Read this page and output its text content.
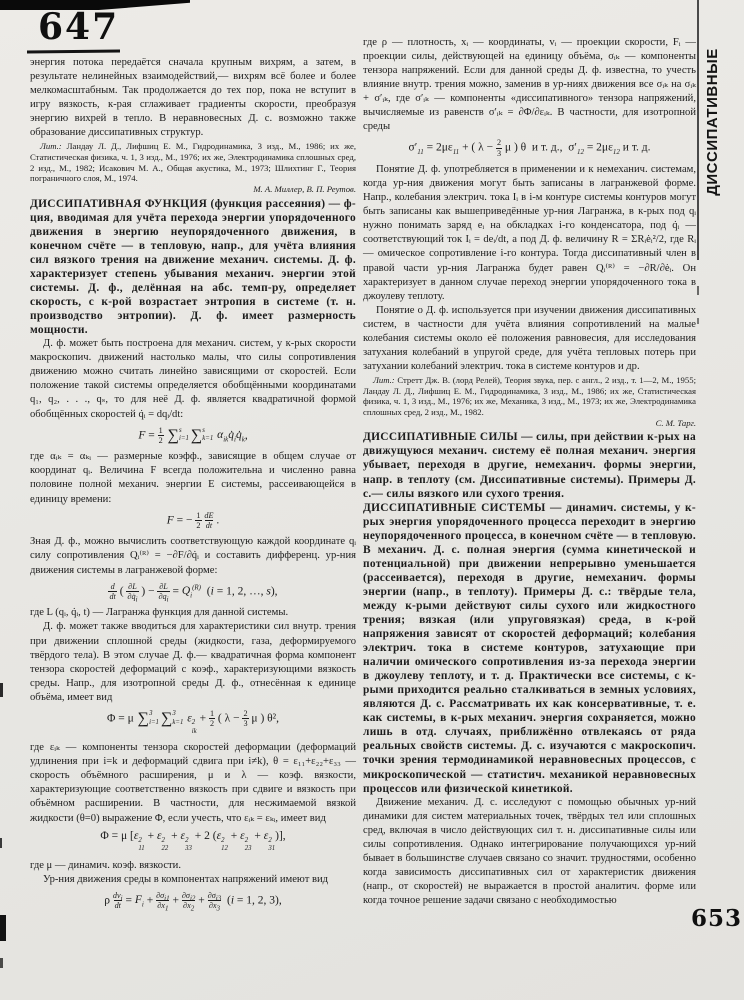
647
энергия потока передаётся сначала крупным вихрям, а затем, в результате нелинейных взаимодействий,— вихрям всё более и более мелкомасштабным. Так продолжается до тех пор, пока не вступит в игру вязкость, к-рая сглаживает градиенты скорости, преобразуя энергию вихрей в тепло. В неравновесных Д. с. возможно также образование диссипативных структур.
Лит.: Ландау Л. Д., Лифшиц Е. М., Гидродинамика, 3 изд., М., 1986; их же, Статистическая физика, ч. 1, 3 изд., М., 1976; их же, Электродинамика сплошных сред, 2 изд., М., 1982; Исакович М. А., Общая акустика, М., 1973; Шлихтинг Г., Теория пограничного слоя, М., 1974.
М. А. Миллер, В. П. Реутов.
ДИССИПАТИВНАЯ ФУНКЦИЯ (функция рассеяния) — ф-ция, вводимая для учёта перехода энергии упорядоченного движения в энергию неупорядоченного движения, в конечном счёте — в тепловую, напр., для учёта влияния сил вязкого трения на движение механич. системы. Д. ф. характеризует степень убывания механич. энергии этой системы. Д. ф., делённая на абс. темп-ру, определяет скорость, с к-рой возрастает энтропия в системе (т. н. производство энтропии). Д. ф. имеет размерность мощности.
Д. ф. может быть построена для механич. систем, у к-рых скорости макроскопич. движений настолько малы, что силы сопротивления движению можно считать линейно зависящими от скоростей. Если положение такой системы определяется обобщёнными координатами q₁, q₂, . . ., qₛ, то для неё Д. ф. является квадратичной формой обобщённых скоростей q̇ᵢ = dqᵢ/dt:
$F = \frac{1}{2}$ ∑ s
i=1 ∑ s
k=1 $\alpha_{ik}q̇_iq̇_k$,
где αᵢₖ = αₖᵢ — размерные коэфф., зависящие в общем случае от координат qᵢ. Величина F всегда положительна и численно равна половине полной механич. энергии E системы, рассеивающейся в единицу времени:
F = − $\frac{1}{2}$
$\frac{dE}{dt}$ .
Зная Д. ф., можно вычислить соответствующую каждой координате qᵢ силу сопротивления Qᵢ⁽ᴿ⁾ = −∂F/∂q̇ᵢ и составить дифференц. ур-ния движения системы в лагранжевой форме:
$\frac{d}{dt}$ ( $\frac{\partial L}{\partial q̇_i}$ ) − $\frac{\partial L}{\partial q_i} = Q_i^{(R)}$  (i = 1, 2, …, s),
где L (qᵢ, q̇ᵢ, t) — Лагранжа функция для данной системы.
Д. ф. может также вводиться для характеристики сил внутр. трения при движении сплошной среды (жидкости, газа, деформируемого твёрдого тела). В этом случае Д. ф.— квадратичная форма компонент тензора скоростей деформаций с коэф., характеризующими вязкость среды. Напр., для изотропной среды Д. ф., отнесённая к единице объёма, имеет вид
Φ = μ ∑ 3
i=1 ∑ 3
k=1 ε 2
ik
+ $\frac{1}{2}$ ( $\lambda - \frac{2}{3}$ μ ) θ²,
где εᵢₖ — компоненты тензора скоростей деформации (деформаций удлинения при i=k и деформаций сдвига при i≠k), θ = ε₁₁+ε₂₂+ε₃₃ — скорость объёмного расширения, μ и λ — коэф. вязкости, характеризующие соответственно вязкость при сдвиге и вязкость при объёмном расширении. В частности, для несжимаемой вязкой жидкости (θ=0) выражение Φ, если учесть, что εᵢₖ = εₖᵢ, имеет вид
Φ = μ [ε 2
11
+ ε 2
22
+ ε 2
33
+ 2 (ε 2
12
+ ε 2
23
+ ε 2
31
)],
где μ — динамич. коэф. вязкости.
Ур-ния движения среды в компонентах напряжений имеют вид
ρ $dv_i$
dt = $F_i + \frac{\partial\sigma_{i1}}{\partial x_1} + \frac{\partial\sigma_{i2}}{\partial x_2} + \frac{\partial\sigma_{i3}}{\partial x_3} (i = 1$, 2, 3),
где ρ — плотность, xᵢ — координаты, vᵢ — проекции скорости, Fᵢ — проекции силы, действующей на единицу объёма, σᵢₖ — компоненты тензора напряжений. Если для данной среды Д. ф. известна, то учесть влияние внутр. трения можно, заменив в ур-ниях движения все σᵢₖ на σᵢₖ + σ′ᵢₖ, где σ′ᵢₖ — компоненты «диссипативного» тензора напряжений, вычисляемые из равенств σ′ᵢₖ = ∂Φ/∂εᵢₖ. В частности, для изотропной среды
$\sigma'_{11} = 2\mu\varepsilon_{11}$ + ( $\lambda - \frac{2}{3}$ μ ) θ  и т. д.,  $\sigma'_{12} = 2\mu\varepsilon_{12}$ и т. д.
Понятие Д. ф. употребляется в применении и к немеханич. системам, когда ур-ния движения могут быть записаны в лагранжевой форме. Напр., колебания электрич. тока Iᵢ в i-м контуре системы контуров могут быть записаны как вышеприведённые ур-ния Лагранжа, в к-рых под qᵢ нужно понимать заряд eᵢ на обкладках i-го конденсатора, под q̇ᵢ — соответствующий ток Iᵢ = deᵢ/dt, а под Д. ф. величину R = ΣRᵢėᵢ²/2, где Rᵢ — омическое сопротивление i-го контура. Тогда диссипативный член в правой части ур-ния Лагранжа будет равен Qᵢ⁽ᴿ⁾ = −∂R/∂ėᵢ. Он характеризует в данном случае переход энергии упорядоченного тока в джоулеву теплоту.
Понятие о Д. ф. используется при изучении движения диссипативных систем, в частности для учёта влияния сопротивлений на малые колебания системы около её положения равновесия, для исследования затухания колебаний в упругой среде, для учёта тепловых потерь при затухании колебаний электрич. тока в системе контуров и др.
Лит.: Стретт Дж. В. (лорд Релей), Теория звука, пер. с англ., 2 изд., т. 1—2, М., 1955; Ландау Л. Д., Лифшиц Е. М., Гидродинамика, 3 изд., М., 1986; их же, Статистическая физика, ч. 1, 3 изд., М., 1976; их же, Механика, 3 изд., М., 1973; их же, Электродинамика сплошных сред, 2 изд., М., 1982.
С. М. Тарг.
ДИССИПАТИВНЫЕ СИЛЫ — силы, при действии к-рых на движущуюся механич. систему её полная механич. энергия убывает, переходя в другие, немеханич. формы энергии, напр. в теплоту (см. Диссипативные системы). Примеры Д. с.— силы вязкого или сухого трения.
ДИССИПАТИВНЫЕ СИСТЕМЫ — динамич. системы, у к-рых энергия упорядоченного процесса переходит в энергию неупорядоченного процесса, в конечном счёте — в тепловую. В механич. Д. с. полная энергия (сумма кинетической и потенциальной) при движении непрерывно уменьшается (рассеивается), переходя в другие, немеханич. формы энергии (напр., в теплоту). Примеры Д. с.: твёрдые тела, между к-рыми действуют силы сухого или жидкостного трения; вязкая (или упруговязкая) среда, в к-рой напряжения зависят от скоростей деформаций; колебания электрич. тока в системе контуров, затухающие при наличии омического сопротивления из-за перехода энергии в джоулеву теплоту, и т. д. Практически все системы, с к-рыми приходится реально сталкиваться в земных условиях, являются Д. с. Рассматривать их как консервативные, т. е. как системы, в к-рых механич. энергия сохраняется, можно лишь в отд. случаях, приближённо отвлекаясь от ряда реальных свойств системы. Д. с. изучаются с макроскопич. точки зрения термодинамикой неравновесных процессов, с микроскопической — статистич. механикой неравновесных процессов или физической кинетикой.
Движение механич. Д. с. исследуют с помощью обычных ур-ний динамики для систем материальных точек, твёрдых тел или сплошных сред, включая в число действующих сил т. н. диссипативные силы или силы сопротивления. Однако интегрирование получающихся ур-ний бывает в большинстве случаев связано со значит. трудностями, особенно когда зависимость диссипативных сил от характеристик движения (напр., от скоростей) не выражается в простой аналитич. форме или когда точное решение задачи связано с необходимостью
ДИССИПАТИВНЫЕ
653
